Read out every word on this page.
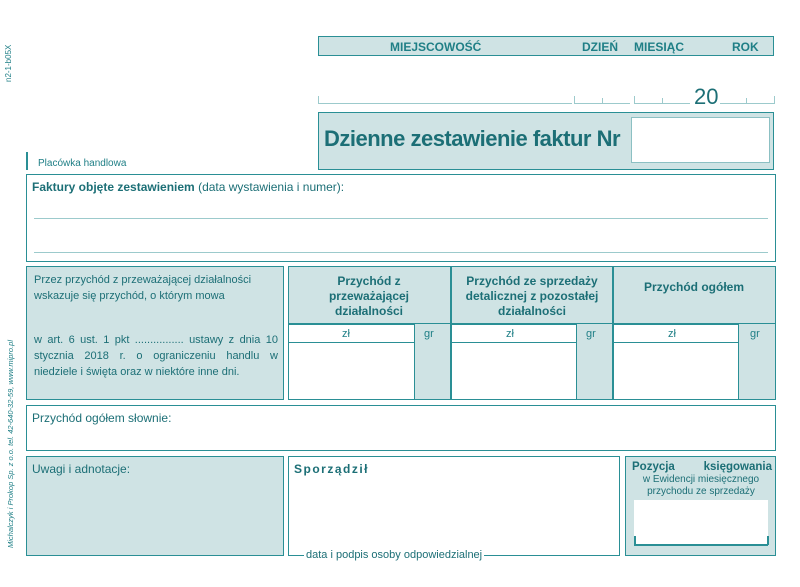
n2-1-b05X
Michalczyk i Prokop Sp. z o.o. tel. 42-640-32-59, www.mipro.pl
MIEJSCOWOŚĆ	DZIEŃ MIESIĄC	ROK
20
Dzienne zestawienie faktur Nr
Placówka handlowa
Faktury objęte zestawieniem (data wystawienia i numer):
Przez przychód z przeważającej działalności wskazuje się przychód, o którym mowa
w art. 6 ust. 1 pkt ................ ustawy z dnia 10 stycznia 2018 r. o ograniczeniu handlu w niedziele i święta oraz w niektóre inne dni.
Przychód z przeważającej działalności
Przychód ze sprzedaży detalicznej z pozostałej działalności
Przychód ogółem
zł	gr	zł	gr	zł	gr
Przychód ogółem słownie:
Uwagi i adnotacje:	Sporządził
data i podpis osoby odpowiedzialnej
Pozycja księgowania
w Ewidencji miesięcznego przychodu ze sprzedaży
